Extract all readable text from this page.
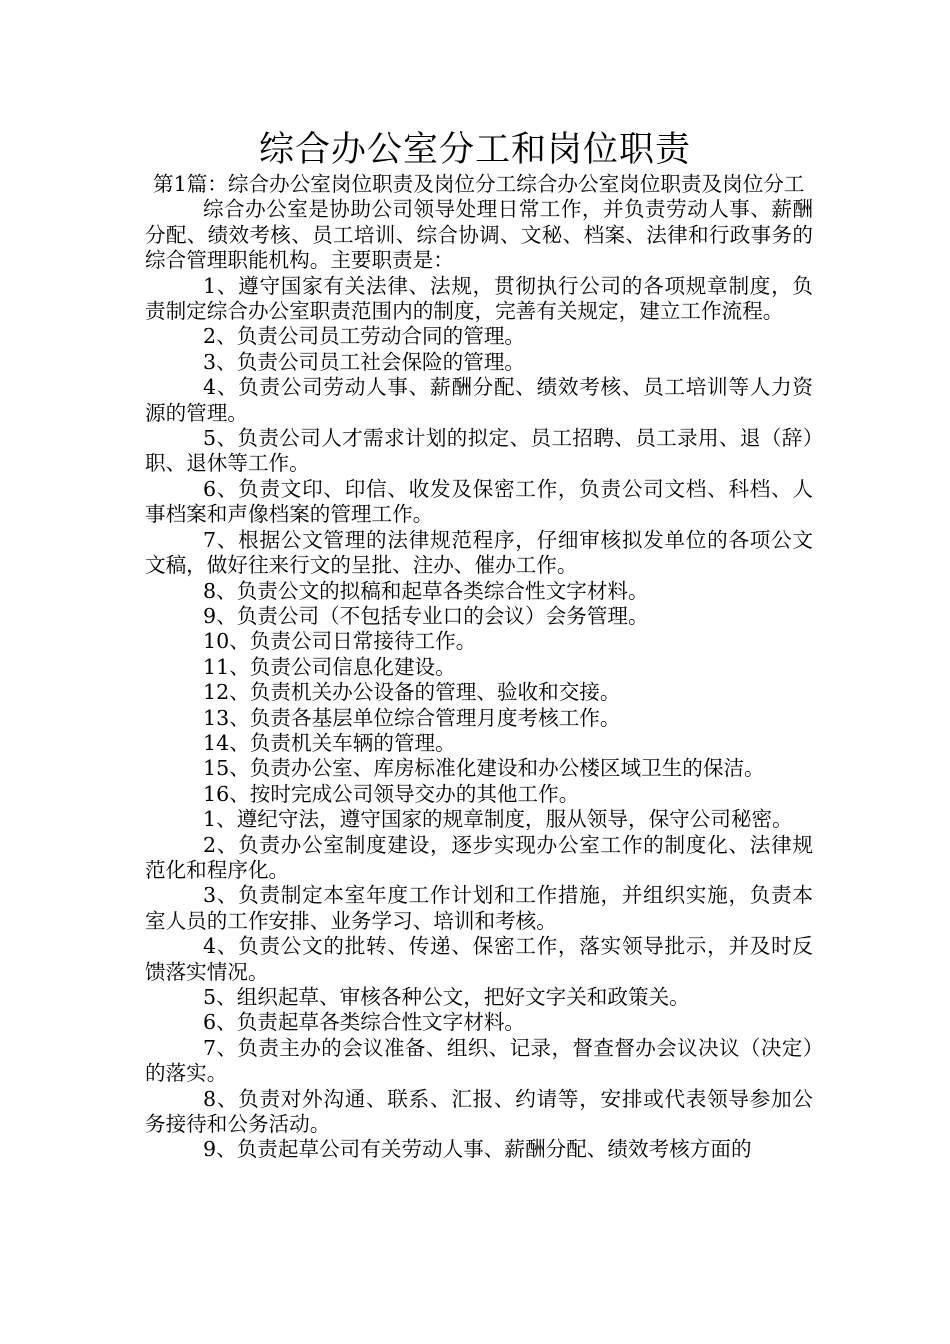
综合办公室分工和岗位职责

第1篇：综合办公室岗位职责及岗位分工综合办公室岗位职责及岗位分工

综合办公室是协助公司领导处理日常工作，并负责劳动人事、薪酬分配、绩效考核、员工培训、综合协调、文秘、档案、法律和行政事务的综合管理职能机构。主要职责是：

1、遵守国家有关法律、法规，贯彻执行公司的各项规章制度，负责制定综合办公室职责范围内的制度，完善有关规定，建立工作流程。

2、负责公司员工劳动合同的管理。

3、负责公司员工社会保险的管理。

4、负责公司劳动人事、薪酬分配、绩效考核、员工培训等人力资源的管理。

5、负责公司人才需求计划的拟定、员工招聘、员工录用、退（辞）职、退休等工作。

6、负责文印、印信、收发及保密工作，负责公司文档、科档、人事档案和声像档案的管理工作。

7、根据公文管理的法律规范程序，仔细审核拟发单位的各项公文文稿，做好往来行文的呈批、注办、催办工作。

8、负责公文的拟稿和起草各类综合性文字材料。

9、负责公司（不包括专业口的会议）会务管理。

10、负责公司日常接待工作。

11、负责公司信息化建设。

12、负责机关办公设备的管理、验收和交接。

13、负责各基层单位综合管理月度考核工作。

14、负责机关车辆的管理。

15、负责办公室、库房标准化建设和办公楼区域卫生的保洁。

16、按时完成公司领导交办的其他工作。

1、遵纪守法，遵守国家的规章制度，服从领导，保守公司秘密。

2、负责办公室制度建设，逐步实现办公室工作的制度化、法律规范化和程序化。

3、负责制定本室年度工作计划和工作措施，并组织实施，负责本室人员的工作安排、业务学习、培训和考核。

4、负责公文的批转、传递、保密工作，落实领导批示，并及时反馈落实情况。

5、组织起草、审核各种公文，把好文字关和政策关。

6、负责起草各类综合性文字材料。

7、负责主办的会议准备、组织、记录，督查督办会议决议（决定）的落实。

8、负责对外沟通、联系、汇报、约请等，安排或代表领导参加公务接待和公务活动。

9、负责起草公司有关劳动人事、薪酬分配、绩效考核方面的
